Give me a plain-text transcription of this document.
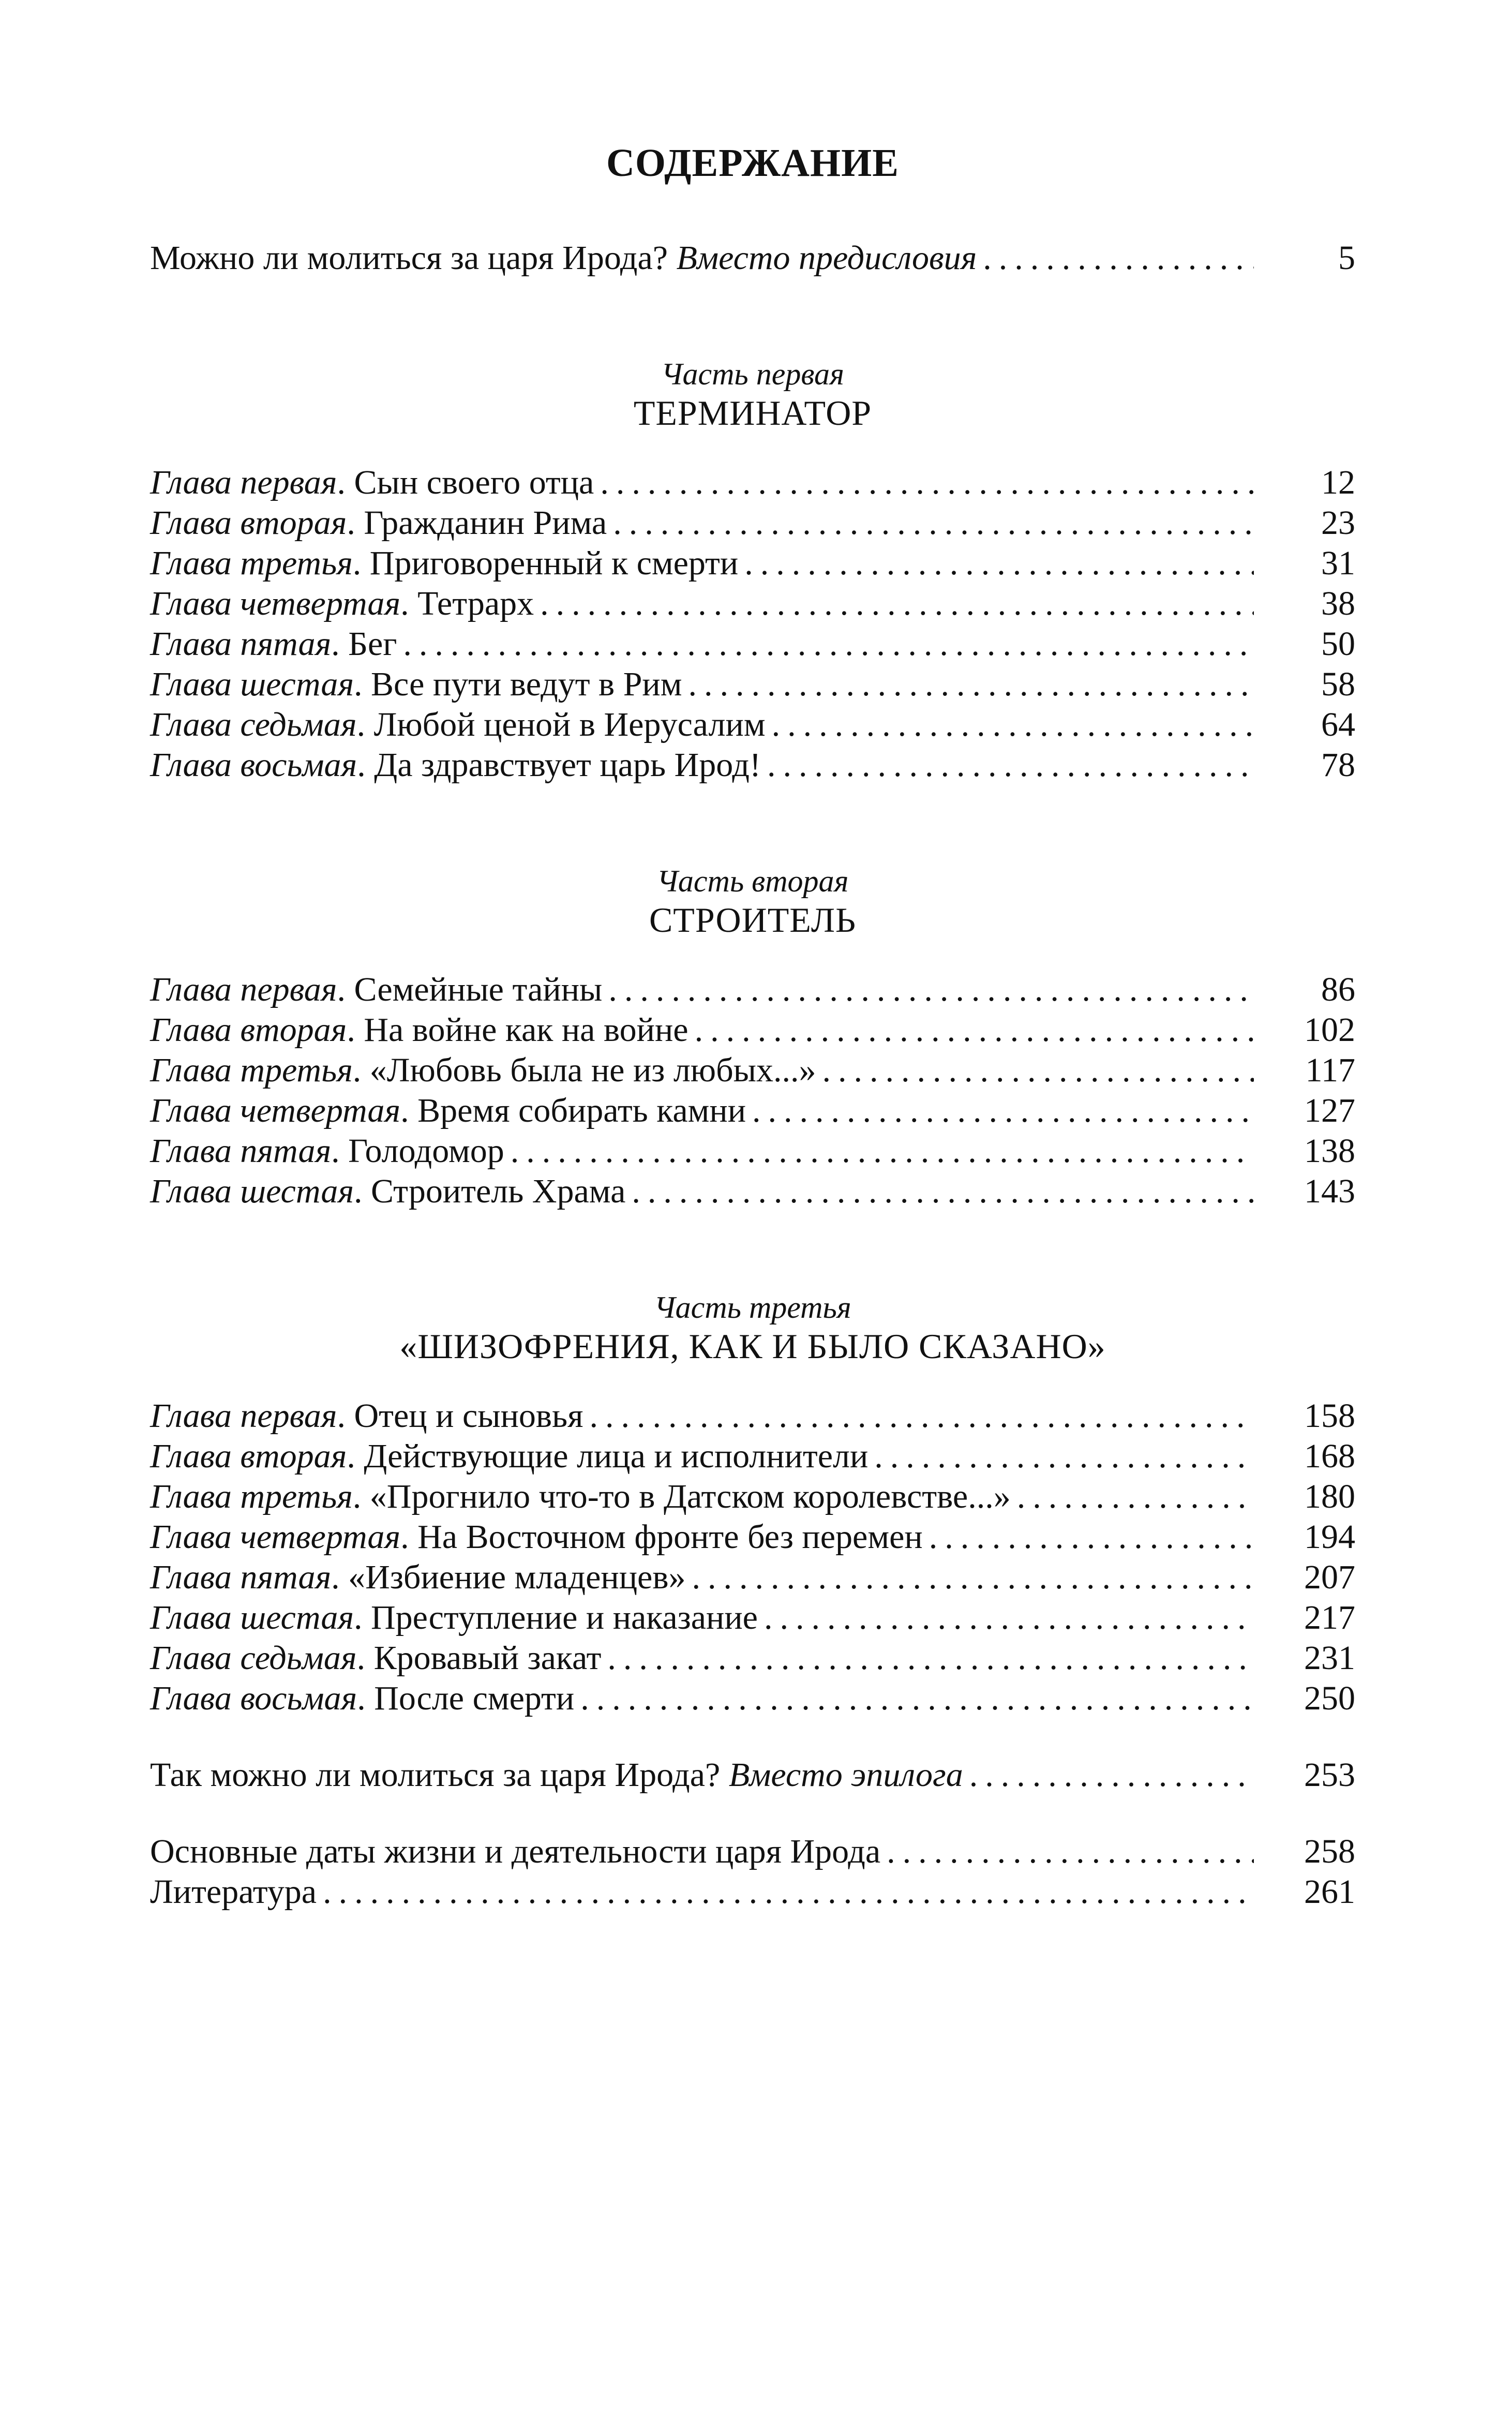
СОДЕРЖАНИЕ
Можно ли молиться за царя Ирода? Вместо предисловия .....	5
Часть первая
ТЕРМИНАТОР
Глава первая. Сын своего отца .....	12
Глава вторая. Гражданин Рима .....	23
Глава третья. Приговоренный к смерти .....	31
Глава четвертая. Тетрарх .....	38
Глава пятая. Бег .....	50
Глава шестая. Все пути ведут в Рим .....	58
Глава седьмая. Любой ценой в Иерусалим .....	64
Глава восьмая. Да здравствует царь Ирод! .....	78
Часть вторая
СТРОИТЕЛЬ
Глава первая. Семейные тайны .....	86
Глава вторая. На войне как на войне .....	102
Глава третья. «Любовь была не из любых...» .....	117
Глава четвертая. Время собирать камни .....	127
Глава пятая. Голодомор .....	138
Глава шестая. Строитель Храма .....	143
Часть третья
«ШИЗОФРЕНИЯ, КАК И БЫЛО СКАЗАНО»
Глава первая. Отец и сыновья .....	158
Глава вторая. Действующие лица и исполнители .....	168
Глава третья. «Прогнило что-то в Датском королевстве...» .....	180
Глава четвертая. На Восточном фронте без перемен .....	194
Глава пятая. «Избиение младенцев» .....	207
Глава шестая. Преступление и наказание .....	217
Глава седьмая. Кровавый закат .....	231
Глава восьмая. После смерти .....	250
Так можно ли молиться за царя Ирода? Вместо эпилога .....	253
Основные даты жизни и деятельности царя Ирода .....	258
Литература .....	261
